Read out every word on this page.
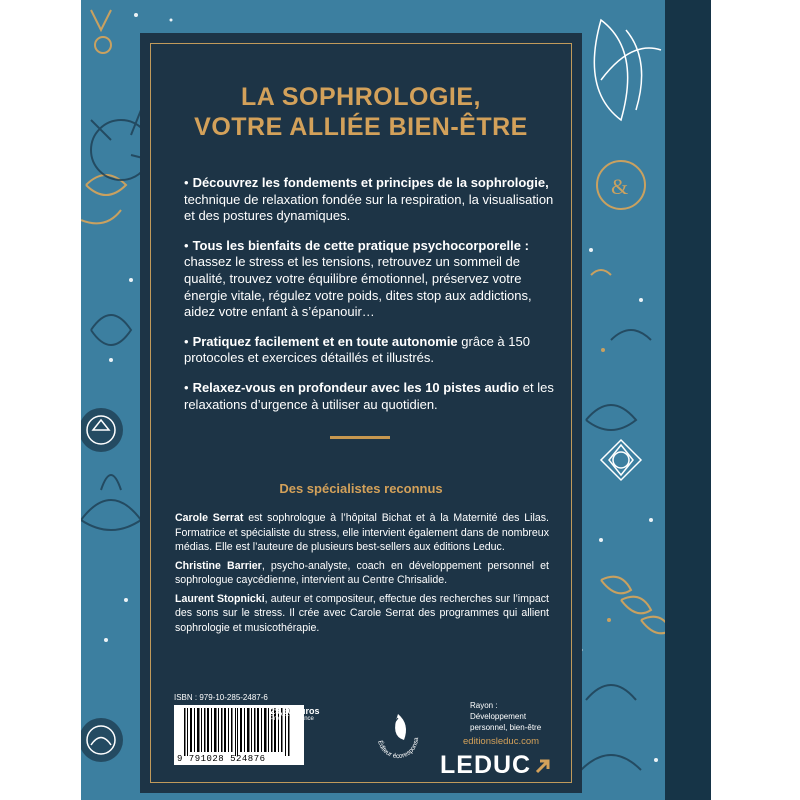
&
LA SOPHROLOGIE,
VOTRE ALLIÉE BIEN-ÊTRE
• Découvrez les fondements et principes de la sophrologie, technique de relaxation fondée sur la respiration, la visualisation et des postures dynamiques.
• Tous les bienfaits de cette pratique psychocorporelle : chassez le stress et les tensions, retrouvez un sommeil de qualité, trouvez votre équilibre émotionnel, préservez votre énergie vitale, régulez votre poids, dites stop aux addictions, aidez votre enfant à s’épanouir…
• Pratiquez facilement et en toute autonomie grâce à 150 protocoles et exercices détaillés et illustrés.
• Relaxez-vous en profondeur avec les 10 pistes audio et les relaxations d’urgence à utiliser au quotidien.
Des spécialistes reconnus
Carole Serrat est sophrologue à l’hôpital Bichat et à la Maternité des Lilas. Formatrice et spécialiste du stress, elle intervient également dans de nombreux médias. Elle est l’auteure de plusieurs best-sellers aux éditions Leduc.
Christine Barrier, psycho-analyste, coach en développement personnel et sophrologue caycédienne, intervient au Centre Chrisalide.
Laurent Stopnicki, auteur et compositeur, effectue des recherches sur l’impact des sons sur le stress. Il crée avec Carole Serrat des programmes qui allient sophrologie et musicothérapie.
ISBN : 979-10-285-2487-6
9 791028 524876
29,90 euros
Prix TTC France
Éditeur écoresponsa
Rayon : Développement personnel, bien-être
editionsleduc.com
LEDUC
